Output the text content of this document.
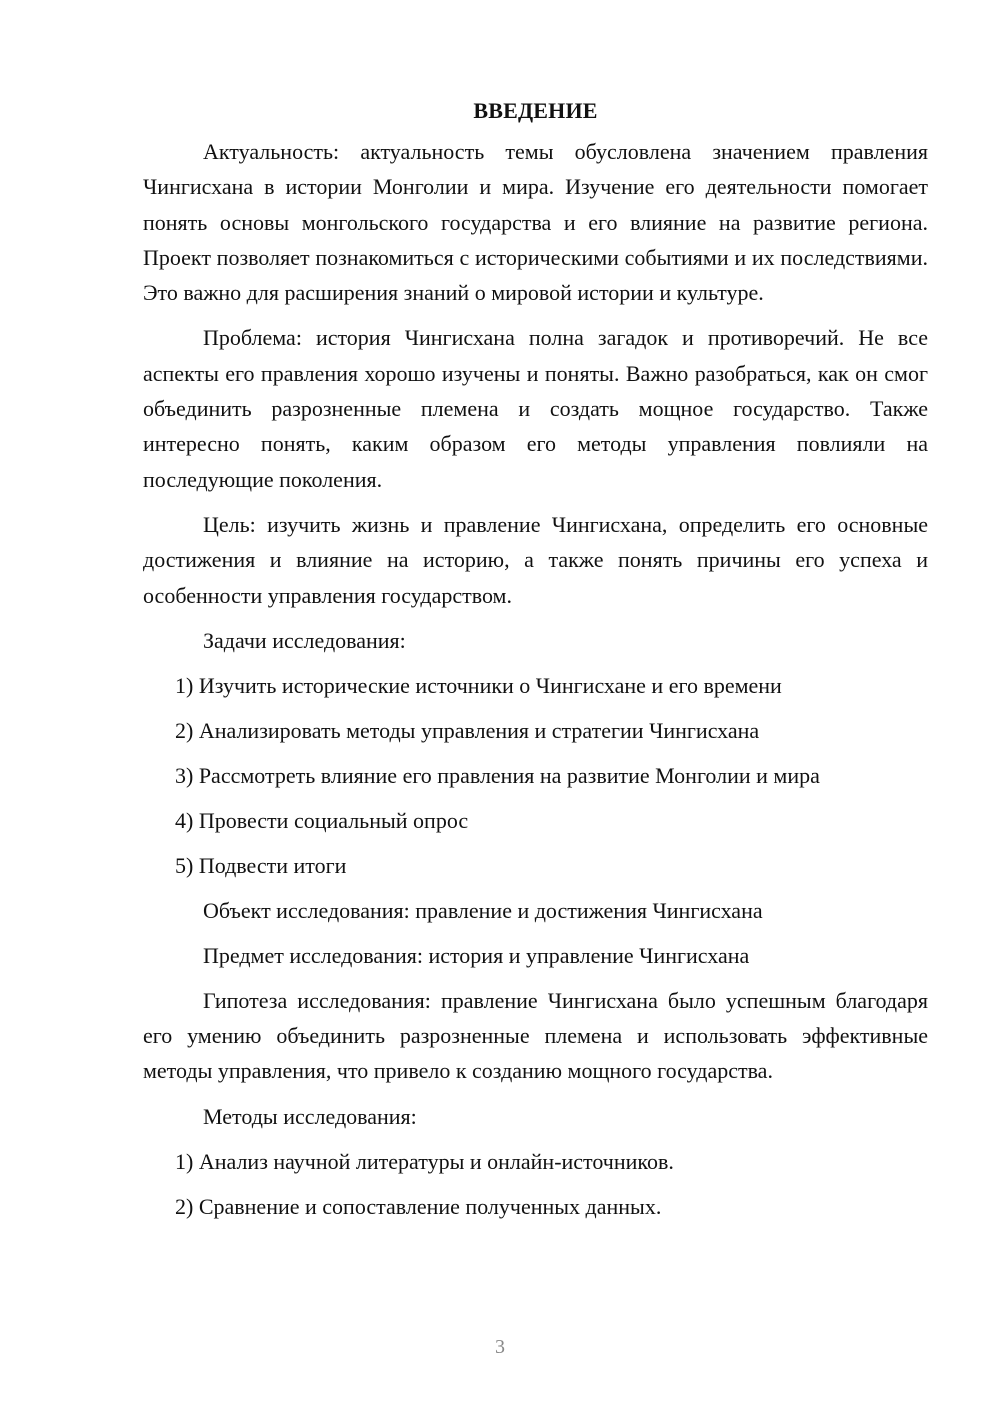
ВВЕДЕНИЕ

Актуальность: актуальность темы обусловлена значением правления Чингисхана в истории Монголии и мира. Изучение его деятельности помогает понять основы монгольского государства и его влияние на развитие региона. Проект позволяет познакомиться с историческими событиями и их последствиями. Это важно для расширения знаний о мировой истории и культуре.

Проблема: история Чингисхана полна загадок и противоречий. Не все аспекты его правления хорошо изучены и поняты. Важно разобраться, как он смог объединить разрозненные племена и создать мощное государство. Также интересно понять, каким образом его методы управления повлияли на последующие поколения.

Цель: изучить жизнь и правление Чингисхана, определить его основные достижения и влияние на историю, а также понять причины его успеха и особенности управления государством.

Задачи исследования:

1) Изучить исторические источники о Чингисхане и его времени

2) Анализировать методы управления и стратегии Чингисхана

3) Рассмотреть влияние его правления на развитие Монголии и мира

4) Провести социальный опрос

5) Подвести итоги

Объект исследования: правление и достижения Чингисхана

Предмет исследования: история и управление Чингисхана

Гипотеза исследования: правление Чингисхана было успешным благодаря его умению объединить разрозненные племена и использовать эффективные методы управления, что привело к созданию мощного государства.

Методы исследования:

1) Анализ научной литературы и онлайн-источников.

2) Сравнение и сопоставление полученных данных.

3
